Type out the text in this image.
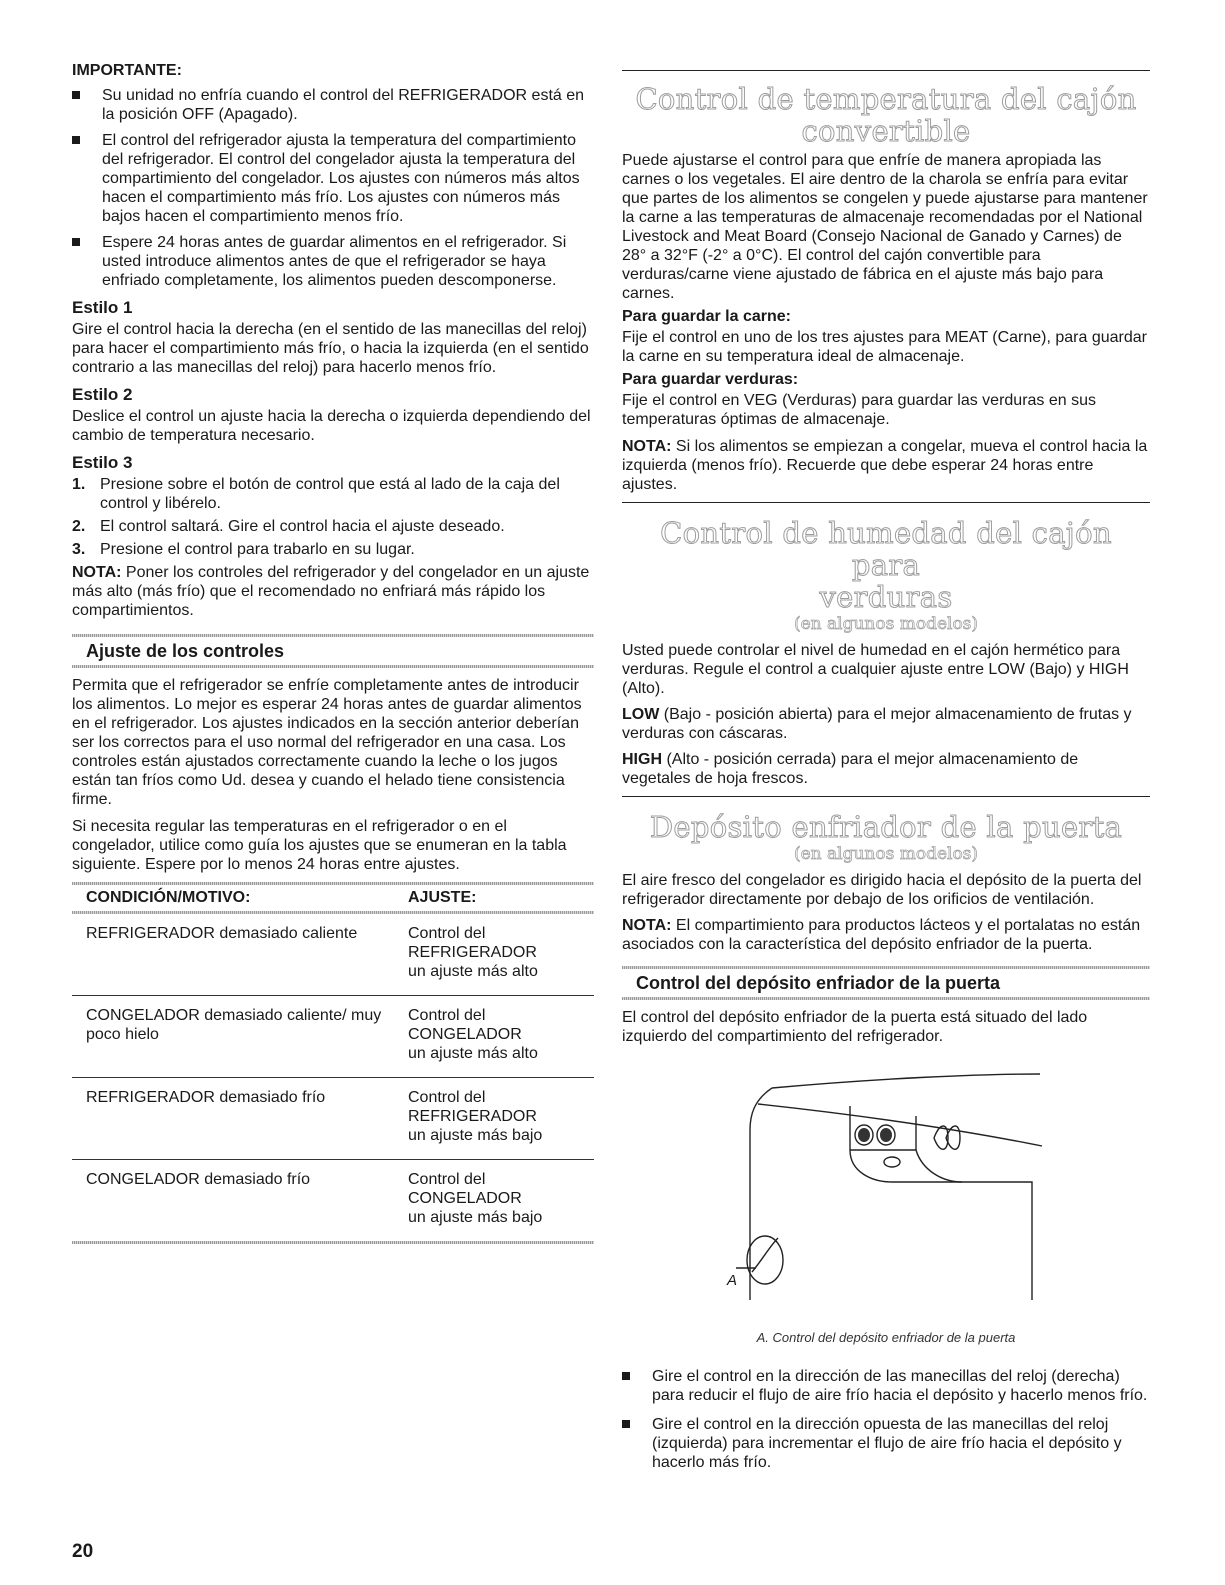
IMPORTANTE:
Su unidad no enfría cuando el control del REFRIGERADOR está en la posición OFF (Apagado).
El control del refrigerador ajusta la temperatura del compartimiento del refrigerador. El control del congelador ajusta la temperatura del compartimiento del congelador. Los ajustes con números más altos hacen el compartimiento más frío. Los ajustes con números más bajos hacen el compartimiento menos frío.
Espere 24 horas antes de guardar alimentos en el refrigerador. Si usted introduce alimentos antes de que el refrigerador se haya enfriado completamente, los alimentos pueden descomponerse.
Estilo 1

Gire el control hacia la derecha (en el sentido de las manecillas del reloj) para hacer el compartimiento más frío, o hacia la izquierda (en el sentido contrario a las manecillas del reloj) para hacerlo menos frío.

Estilo 2

Deslice el control un ajuste hacia la derecha o izquierda dependiendo del cambio de temperatura necesario.

Estilo 3
1. Presione sobre el botón de control que está al lado de la caja del control y libérelo.
2. El control saltará. Gire el control hacia el ajuste deseado.
3. Presione el control para trabarlo en su lugar.

NOTA: Poner los controles del refrigerador y del congelador en un ajuste más alto (más frío) que el recomendado no enfriará más rápido los compartimientos.

Ajuste de los controles

Permita que el refrigerador se enfríe completamente antes de introducir los alimentos. Lo mejor es esperar 24 horas antes de guardar alimentos en el refrigerador. Los ajustes indicados en la sección anterior deberían ser los correctos para el uso normal del refrigerador en una casa. Los controles están ajustados correctamente cuando la leche o los jugos están tan fríos como Ud. desea y cuando el helado tiene consistencia firme.

Si necesita regular las temperaturas en el refrigerador o en el congelador, utilice como guía los ajustes que se enumeran en la tabla siguiente. Espere por lo menos 24 horas entre ajustes.

CONDICIÓN/MOTIVO:	AJUSTE:

REFRIGERADOR demasiado caliente	Control del
REFRIGERADOR
un ajuste más alto

CONGELADOR demasiado caliente/ muy poco hielo	Control del
CONGELADOR
un ajuste más alto

REFRIGERADOR demasiado frío	Control del
REFRIGERADOR
un ajuste más bajo

CONGELADOR demasiado frío	Control del
CONGELADOR
un ajuste más bajo
Control de temperatura del cajón
convertible

Puede ajustarse el control para que enfríe de manera apropiada las carnes o los vegetales. El aire dentro de la charola se enfría para evitar que partes de los alimentos se congelen y puede ajustarse para mantener la carne a las temperaturas de almacenaje recomendadas por el National Livestock and Meat Board (Consejo Nacional de Ganado y Carnes) de 28° a 32°F (-2° a 0°C). El control del cajón convertible para verduras/carne viene ajustado de fábrica en el ajuste más bajo para carnes.

Para guardar la carne:

Fije el control en uno de los tres ajustes para MEAT (Carne), para guardar la carne en su temperatura ideal de almacenaje.

Para guardar verduras:

Fije el control en VEG (Verduras) para guardar las verduras en sus temperaturas óptimas de almacenaje.

NOTA: Si los alimentos se empiezan a congelar, mueva el control hacia la izquierda (menos frío). Recuerde que debe esperar 24 horas entre ajustes.

Control de humedad del cajón para
verduras
(en algunos modelos)

Usted puede controlar el nivel de humedad en el cajón hermético para verduras. Regule el control a cualquier ajuste entre LOW (Bajo) y HIGH (Alto).

LOW (Bajo - posición abierta) para el mejor almacenamiento de frutas y verduras con cáscaras.

HIGH (Alto - posición cerrada) para el mejor almacenamiento de vegetales de hoja frescos.

Depósito enfriador de la puerta
(en algunos modelos)

El aire fresco del congelador es dirigido hacia el depósito de la puerta del refrigerador directamente por debajo de los orificios de ventilación.

NOTA: El compartimiento para productos lácteos y el portalatas no están asociados con la característica del depósito enfriador de la puerta.

Control del depósito enfriador de la puerta

El control del depósito enfriador de la puerta está situado del lado izquierdo del compartimiento del refrigerador.

A
A. Control del depósito enfriador de la puerta
Gire el control en la dirección de las manecillas del reloj (derecha) para reducir el flujo de aire frío hacia el depósito y hacerlo menos frío.
Gire el control en la dirección opuesta de las manecillas del reloj (izquierda) para incrementar el flujo de aire frío hacia el depósito y hacerlo más frío.
20
